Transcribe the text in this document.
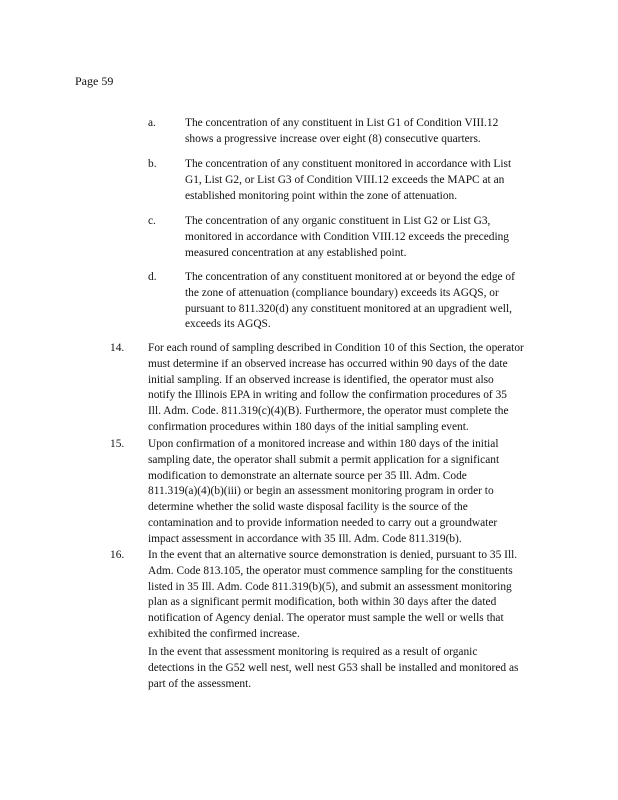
Page 59
a.	The concentration of any constituent in List G1 of Condition VIII.12

shows a progressive increase over eight (8) consecutive quarters.

b. The concentration of any constituent monitored in accordance with List

G1, List G2, or List G3 of Condition VIII.12 exceeds the MAPC at an

established monitoring point within the zone of attenuation.

c.	The concentration of any organic constituent in List G2 or List G3,

monitored in accordance with Condition VIII.12 exceeds the preceding

measured concentration at any established point.

d. The concentration of any constituent monitored at or beyond the edge of

the zone of attenuation (compliance boundary) exceeds its AGQS, or

pursuant to 811.320(d) any constituent monitored at an upgradient well,

exceeds its AGQS.

14. For each round of sampling described in Condition 10 of this Section, the operator

must determine if an observed increase has occurred within 90 days of the date

initial sampling. If an observed increase is identified, the operator must also

notify the Illinois EPA in writing and follow the confirmation procedures of 35

Ill. Adm. Code. 811.319(c)(4)(B). Furthermore, the operator must complete the

confirmation procedures within 180 days of the initial sampling event.

15. Upon confirmation of a monitored increase and within 180 days of the initial

sampling date, the operator shall submit a permit application for a significant

modification to demonstrate an alternate source per 35 Ill. Adm. Code

811.319(a)(4)(b)(iii) or begin an assessment monitoring program in order to

determine whether the solid waste disposal facility is the source of the

contamination and to provide information needed to carry out a groundwater

impact assessment in accordance with 35 Ill. Adm. Code 811.319(b).

16. In the event that an alternative source demonstration is denied, pursuant to 35 Ill.

Adm. Code 813.105, the operator must commence sampling for the constituents

listed in 35 Ill. Adm. Code 811.319(b)(5), and submit an assessment monitoring

plan as a significant permit modification, both within 30 days after the dated

notification of Agency denial. The operator must sample the well or wells that

exhibited the confirmed increase.

In the event that assessment monitoring is required as a result of organic

detections in the G52 well nest, well nest G53 shall be installed and monitored as

part of the assessment.
